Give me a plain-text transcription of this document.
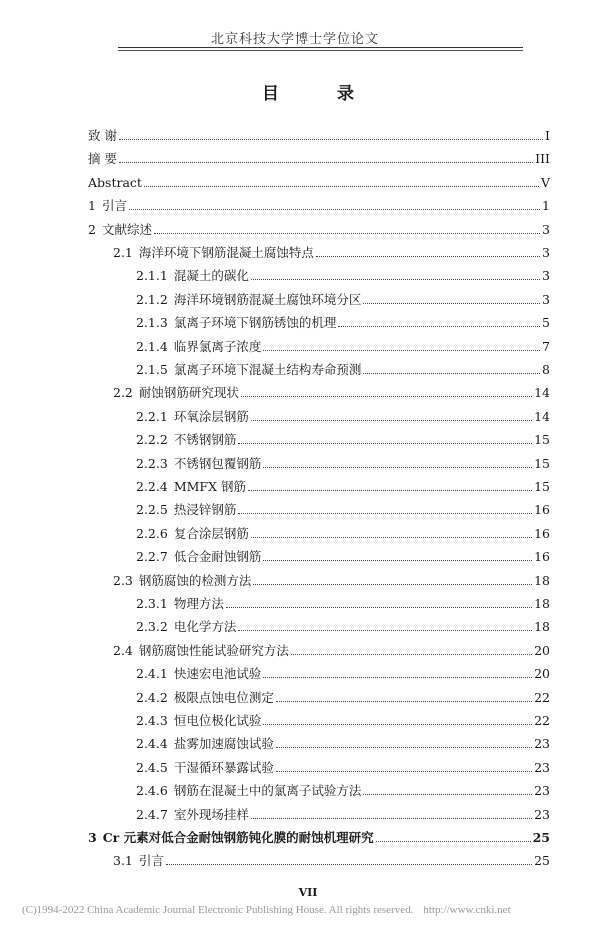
北京科技大学博士学位论文
目 录
致 谢	I
摘 要	III
Abstract	V
1 引言	1
2 文献综述	3
2.1 海洋环境下钢筋混凝土腐蚀特点	3
2.1.1 混凝土的碳化	3
2.1.2 海洋环境钢筋混凝土腐蚀环境分区	3
2.1.3 氯离子环境下钢筋锈蚀的机理	5
2.1.4 临界氯离子浓度	7
2.1.5 氯离子环境下混凝土结构寿命预测	8
2.2 耐蚀钢筋研究现状	14
2.2.1 环氧涂层钢筋	14
2.2.2 不锈钢钢筋	15
2.2.3 不锈钢包覆钢筋	15
2.2.4 MMFX 钢筋	15
2.2.5 热浸锌钢筋	16
2.2.6 复合涂层钢筋	16
2.2.7 低合金耐蚀钢筋	16
2.3 钢筋腐蚀的检测方法	18
2.3.1 物理方法	18
2.3.2 电化学方法	18
2.4 钢筋腐蚀性能试验研究方法	20
2.4.1 快速宏电池试验	20
2.4.2 极限点蚀电位测定	22
2.4.3 恒电位极化试验	22
2.4.4 盐雾加速腐蚀试验	23
2.4.5 干湿循环暴露试验	23
2.4.6 钢筋在混凝土中的氯离子试验方法	23
2.4.7 室外现场挂样	23
3 Cr 元素对低合金耐蚀钢筋钝化膜的耐蚀机理研究	25
3.1 引言	25
VII
(C)1994-2022 China Academic Journal Electronic Publishing House. All rights reserved. http://www.cnki.net
